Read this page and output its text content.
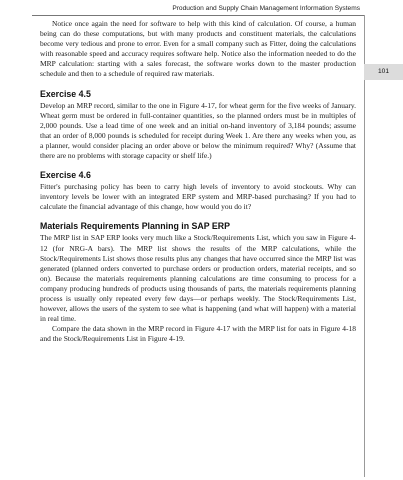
Production and Supply Chain Management Information Systems
101

Notice once again the need for software to help with this kind of calculation. Of course, a human being can do these computations, but with many products and constituent materials, the calculations become very tedious and prone to error. Even for a small company such as Fitter, doing the calculations with reasonable speed and accuracy requires software help. Notice also the information needed to do the MRP calculation: starting with a sales forecast, the software works down to the master production schedule and then to a schedule of required raw materials.

Exercise 4.5

Develop an MRP record, similar to the one in Figure 4-17, for wheat germ for the five weeks of January. Wheat germ must be ordered in full-container quantities, so the planned orders must be in multiples of 2,000 pounds. Use a lead time of one week and an initial on-hand inventory of 3,184 pounds; assume that an order of 8,000 pounds is scheduled for receipt during Week 1. Are there any weeks when you, as a planner, would consider placing an order above or below the minimum required? Why? (Assume that there are no problems with storage capacity or shelf life.)

Exercise 4.6

Fitter's purchasing policy has been to carry high levels of inventory to avoid stockouts. Why can inventory levels be lower with an integrated ERP system and MRP-based purchasing? If you had to calculate the financial advantage of this change, how would you do it?

Materials Requirements Planning in SAP ERP

The MRP list in SAP ERP looks very much like a Stock/Requirements List, which you saw in Figure 4-12 (for NRG-A bars). The MRP list shows the results of the MRP calculations, while the Stock/Requirements List shows those results plus any changes that have occurred since the MRP list was generated (planned orders converted to purchase orders or production orders, material receipts, and so on). Because the materials requirements planning calculations are time consuming to process for a company producing hundreds of products using thousands of parts, the materials requirements planning process is usually only repeated every few days—or perhaps weekly. The Stock/Requirements List, however, allows the users of the system to see what is happening (and what will happen) with a material in real time.

Compare the data shown in the MRP record in Figure 4-17 with the MRP list for oats in Figure 4-18 and the Stock/Requirements List in Figure 4-19.
